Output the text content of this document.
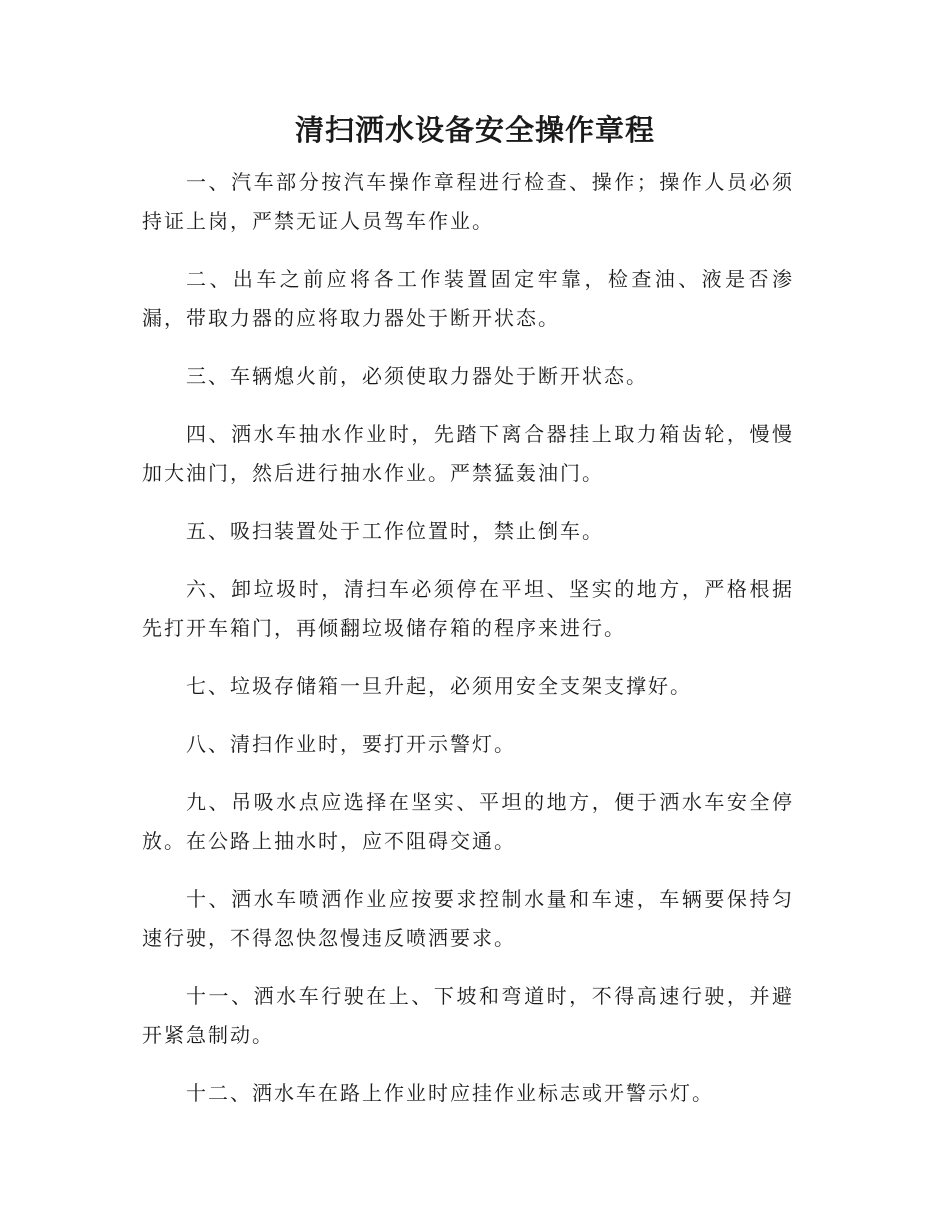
清扫洒水设备安全操作章程

一、汽车部分按汽车操作章程进行检查、操作；操作人员必须持证上岗，严禁无证人员驾车作业。

二、出车之前应将各工作装置固定牢靠，检查油、液是否渗漏，带取力器的应将取力器处于断开状态。

三、车辆熄火前，必须使取力器处于断开状态。

四、洒水车抽水作业时，先踏下离合器挂上取力箱齿轮，慢慢加大油门，然后进行抽水作业。严禁猛轰油门。

五、吸扫装置处于工作位置时，禁止倒车。

六、卸垃圾时，清扫车必须停在平坦、坚实的地方，严格根据先打开车箱门，再倾翻垃圾储存箱的程序来进行。

七、垃圾存储箱一旦升起，必须用安全支架支撑好。

八、清扫作业时，要打开示警灯。

九、吊吸水点应选择在坚实、平坦的地方，便于洒水车安全停放。在公路上抽水时，应不阻碍交通。

十、洒水车喷洒作业应按要求控制水量和车速，车辆要保持匀速行驶，不得忽快忽慢违反喷洒要求。

十一、洒水车行驶在上、下坡和弯道时，不得高速行驶，并避开紧急制动。

十二、洒水车在路上作业时应挂作业标志或开警示灯。
